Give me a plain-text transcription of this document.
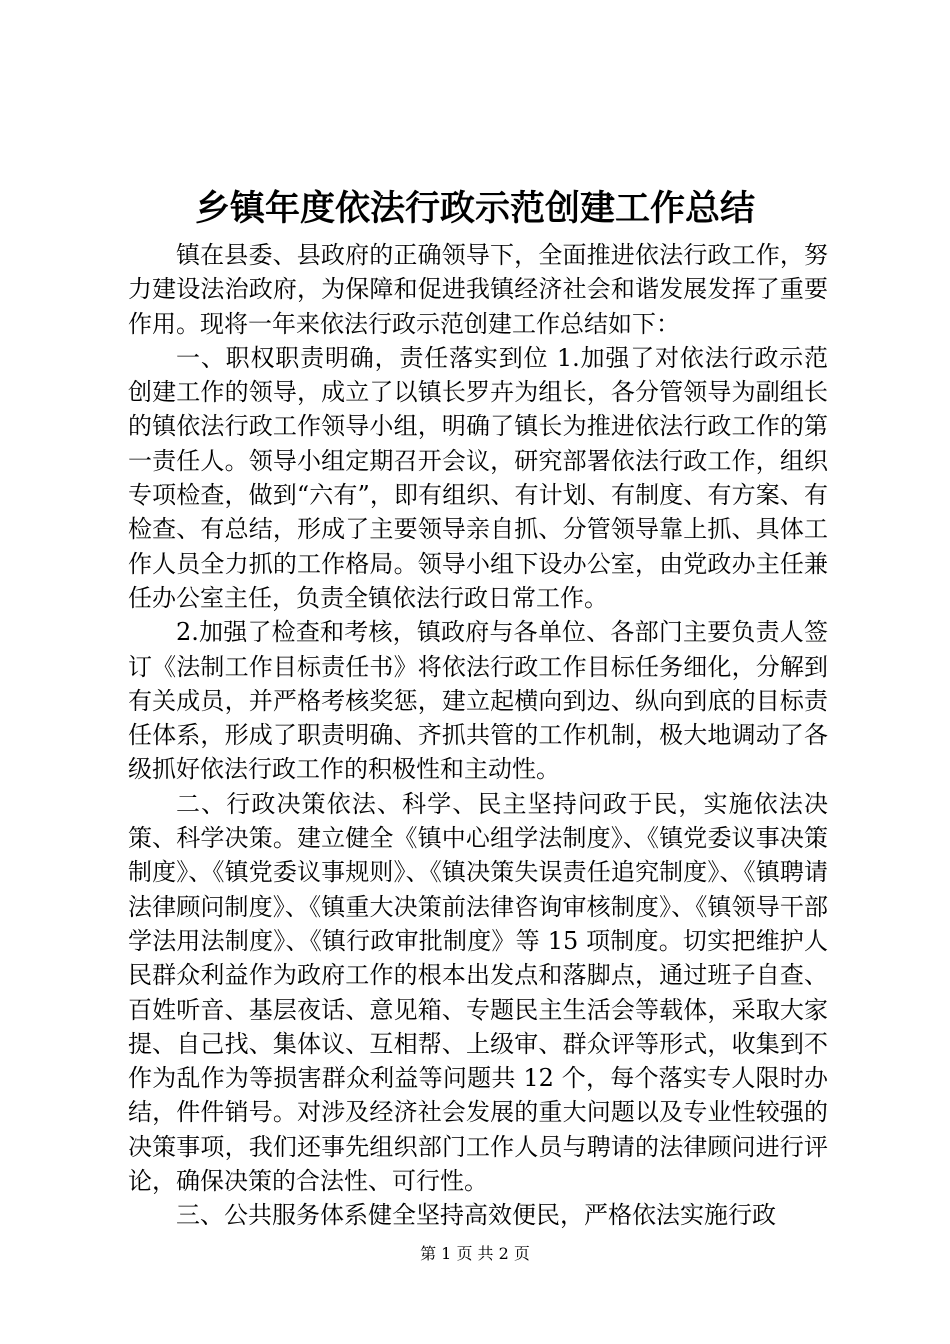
乡镇年度依法行政示范创建工作总结

镇在县委、县政府的正确领导下，全面推进依法行政工作，努力建设法治政府，为保障和促进我镇经济社会和谐发展发挥了重要作用。现将一年来依法行政示范创建工作总结如下：

一、职权职责明确，责任落实到位 1.加强了对依法行政示范创建工作的领导，成立了以镇长罗卉为组长，各分管领导为副组长的镇依法行政工作领导小组，明确了镇长为推进依法行政工作的第一责任人。领导小组定期召开会议，研究部署依法行政工作，组织专项检查，做到“六有”，即有组织、有计划、有制度、有方案、有检查、有总结，形成了主要领导亲自抓、分管领导靠上抓、具体工作人员全力抓的工作格局。领导小组下设办公室，由党政办主任兼任办公室主任，负责全镇依法行政日常工作。

2.加强了检查和考核，镇政府与各单位、各部门主要负责人签订《法制工作目标责任书》将依法行政工作目标任务细化，分解到有关成员，并严格考核奖惩，建立起横向到边、纵向到底的目标责任体系，形成了职责明确、齐抓共管的工作机制，极大地调动了各级抓好依法行政工作的积极性和主动性。

二、行政决策依法、科学、民主坚持问政于民，实施依法决策、科学决策。建立健全《镇中心组学法制度》、《镇党委议事决策制度》、《镇党委议事规则》、《镇决策失误责任追究制度》、《镇聘请法律顾问制度》、《镇重大决策前法律咨询审核制度》、《镇领导干部学法用法制度》、《镇行政审批制度》等 15 项制度。切实把维护人民群众利益作为政府工作的根本出发点和落脚点，通过班子自查、百姓听音、基层夜话、意见箱、专题民主生活会等载体，采取大家提、自己找、集体议、互相帮、上级审、群众评等形式，收集到不作为乱作为等损害群众利益等问题共 12 个，每个落实专人限时办结，件件销号。对涉及经济社会发展的重大问题以及专业性较强的决策事项，我们还事先组织部门工作人员与聘请的法律顾问进行评论，确保决策的合法性、可行性。

三、公共服务体系健全坚持高效便民，严格依法实施行政

第 1 页 共 2 页
